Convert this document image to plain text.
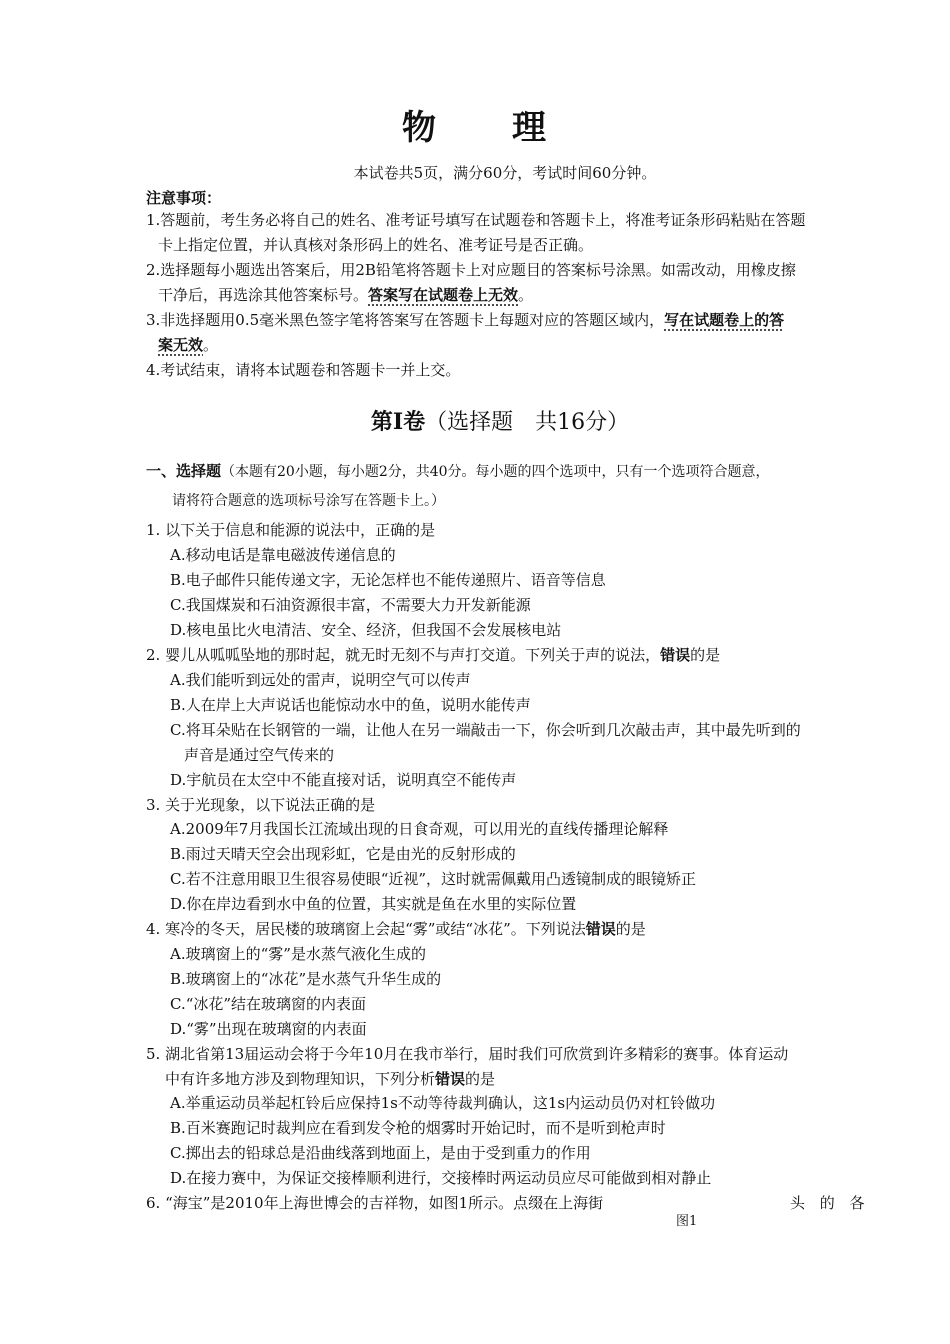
物 理
本试卷共5页，满分60分，考试时间60分钟。
注意事项：
1.答题前，考生务必将自己的姓名、准考证号填写在试题卷和答题卡上，将准考证条形码粘贴在答题
卡上指定位置，并认真核对条形码上的姓名、准考证号是否正确。
2.选择题每小题选出答案后，用2B铅笔将答题卡上对应题目的答案标号涂黑。如需改动，用橡皮擦
干净后，再选涂其他答案标号。答案写在试题卷上无效。
3.非选择题用0.5毫米黑色签字笔将答案写在答题卡上每题对应的答题区域内，写在试题卷上的答
案无效。
4.考试结束，请将本试题卷和答题卡一并上交。
第Ⅰ卷（选择题　共16分）
一、选择题（本题有20小题，每小题2分，共40分。每小题的四个选项中，只有一个选项符合题意，
请将符合题意的选项标号涂写在答题卡上。）
1. 以下关于信息和能源的说法中，正确的是
A.移动电话是靠电磁波传递信息的
B.电子邮件只能传递文字，无论怎样也不能传递照片、语音等信息
C.我国煤炭和石油资源很丰富，不需要大力开发新能源
D.核电虽比火电清洁、安全、经济，但我国不会发展核电站
2. 婴儿从呱呱坠地的那时起，就无时无刻不与声打交道。下列关于声的说法，错误的是
A.我们能听到远处的雷声，说明空气可以传声
B.人在岸上大声说话也能惊动水中的鱼，说明水能传声
C.将耳朵贴在长钢管的一端，让他人在另一端敲击一下，你会听到几次敲击声，其中最先听到的
声音是通过空气传来的
D.宇航员在太空中不能直接对话，说明真空不能传声
3. 关于光现象，以下说法正确的是
A.2009年7月我国长江流域出现的日食奇观，可以用光的直线传播理论解释
B.雨过天晴天空会出现彩虹，它是由光的反射形成的
C.若不注意用眼卫生很容易使眼“近视”，这时就需佩戴用凸透镜制成的眼镜矫正
D.你在岸边看到水中鱼的位置，其实就是鱼在水里的实际位置
4. 寒冷的冬天，居民楼的玻璃窗上会起“雾”或结“冰花”。下列说法错误的是
A.玻璃窗上的“雾”是水蒸气液化生成的
B.玻璃窗上的“冰花”是水蒸气升华生成的
C.“冰花”结在玻璃窗的内表面
D.“雾”出现在玻璃窗的内表面
5. 湖北省第13届运动会将于今年10月在我市举行，届时我们可欣赏到许多精彩的赛事。体育运动
中有许多地方涉及到物理知识，下列分析错误的是
A.举重运动员举起杠铃后应保持1s不动等待裁判确认，这1s内运动员仍对杠铃做功
B.百米赛跑记时裁判应在看到发令枪的烟雾时开始记时，而不是听到枪声时
C.掷出去的铅球总是沿曲线落到地面上，是由于受到重力的作用
D.在接力赛中，为保证交接棒顺利进行，交接棒时两运动员应尽可能做到相对静止
6. “海宝”是2010年上海世博会的吉祥物，如图1所示。点缀在上海街	头 的 各
图1
